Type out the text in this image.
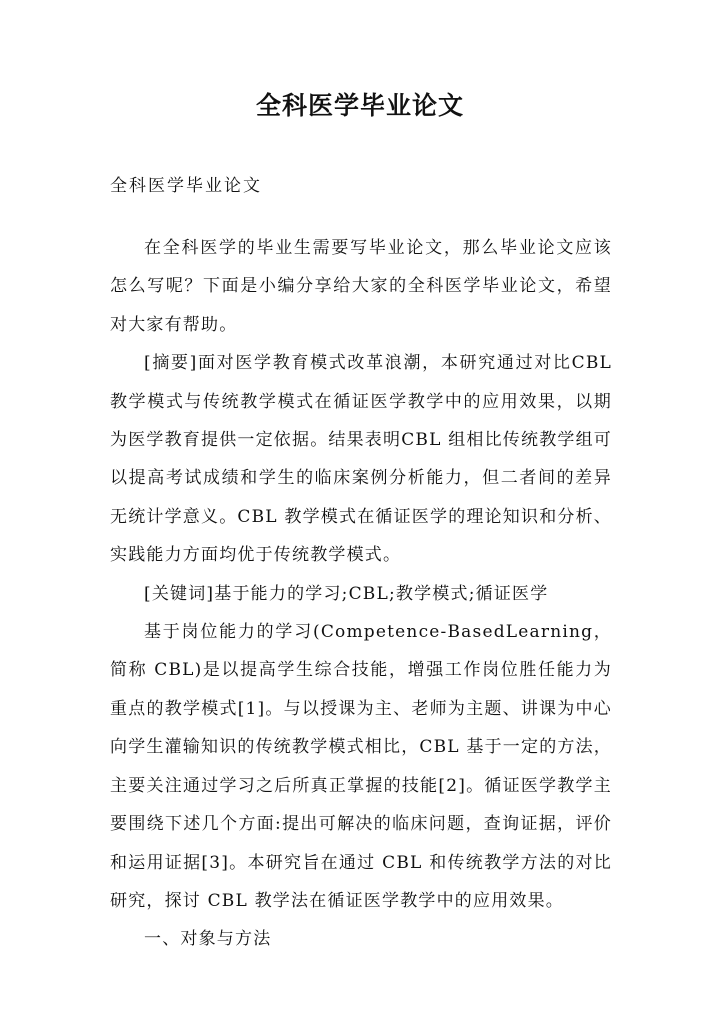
全科医学毕业论文
全科医学毕业论文

在全科医学的毕业生需要写毕业论文，那么毕业论文应该怎么写呢？下面是小编分享给大家的全科医学毕业论文，希望对大家有帮助。

[摘要]面对医学教育模式改革浪潮，本研究通过对比CBL 教学模式与传统教学模式在循证医学教学中的应用效果，以期为医学教育提供一定依据。结果表明CBL 组相比传统教学组可以提高考试成绩和学生的临床案例分析能力，但二者间的差异无统计学意义。CBL 教学模式在循证医学的理论知识和分析、实践能力方面均优于传统教学模式。

[关键词]基于能力的学习;CBL;教学模式;循证医学

基于岗位能力的学习(Competence-BasedLearning，简称 CBL)是以提高学生综合技能，增强工作岗位胜任能力为重点的教学模式[1]。与以授课为主、老师为主题、讲课为中心向学生灌输知识的传统教学模式相比，CBL 基于一定的方法，主要关注通过学习之后所真正掌握的技能[2]。循证医学教学主要围绕下述几个方面:提出可解决的临床问题，查询证据，评价和运用证据[3]。本研究旨在通过 CBL 和传统教学方法的对比研究，探讨 CBL 教学法在循证医学教学中的应用效果。

一、对象与方法
